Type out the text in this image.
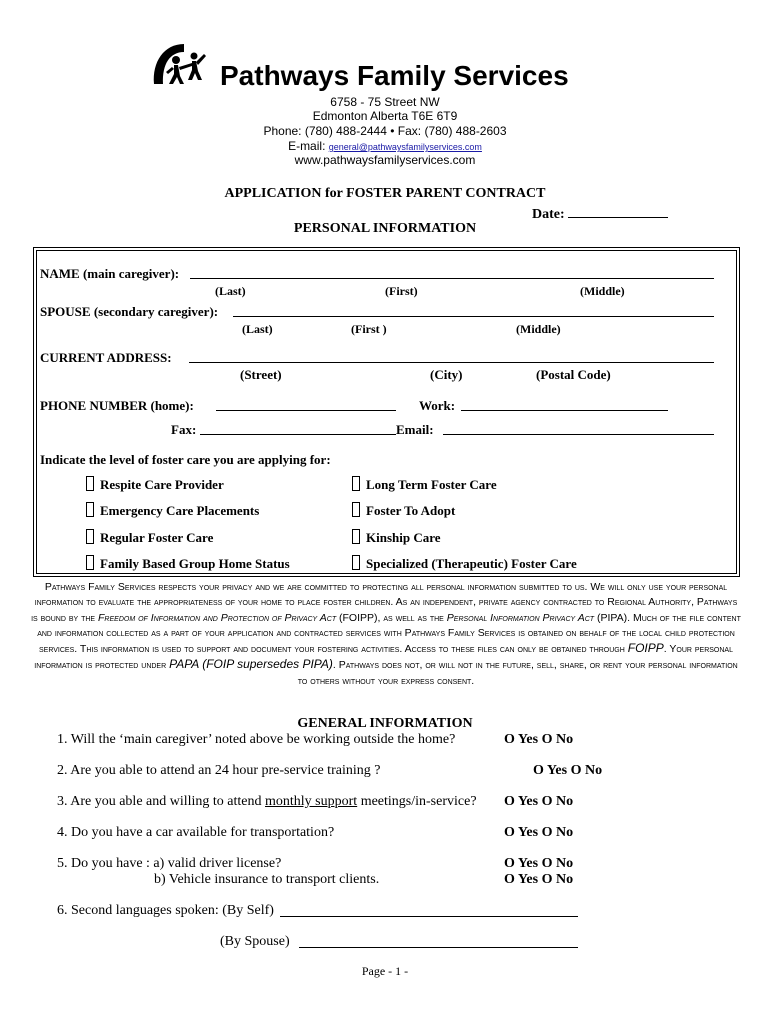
Pathways Family Services
6758 - 75 Street NW
Edmonton Alberta T6E 6T9
Phone: (780) 488-2444 • Fax: (780) 488-2603
E-mail: general@pathwaysfamilyservices.com
www.pathwaysfamilyservices.com
APPLICATION for FOSTER PARENT CONTRACT
Date:
PERSONAL INFORMATION
NAME (main caregiver):
(Last)	(First)	(Middle)
SPOUSE (secondary caregiver):
(Last)	(First )	(Middle)
CURRENT ADDRESS:
(Street)	(City)	(Postal Code)
PHONE NUMBER (home):	Work:
Fax:	Email:
Indicate the level of foster care you are applying for:
Respite Care Provider	Long Term Foster Care
Emergency Care Placements	Foster To Adopt
Regular Foster Care	Kinship Care
Family Based Group Home Status	Specialized (Therapeutic) Foster Care
Pathways Family Services respects your privacy and we are committed to protecting all personal information submitted to us. We will only use your personal information to evaluate the appropriateness of your home to place foster children. As an independent, private agency contracted to Regional Authority, Pathways is bound by the Freedom of Information and Protection of Privacy Act (FOIPP), as well as the Personal Information Privacy Act (PIPA). Much of the file content and information collected as a part of your application and contracted services with Pathways Family Services is obtained on behalf of the local child protection services. This information is used to support and document your fostering activities. Access to these files can only be obtained through FOIPP. Your personal information is protected under PAPA (FOIP supersedes PIPA). Pathways does not, or will not in the future, sell, share, or rent your personal information to others without your express consent.
GENERAL INFORMATION
1. Will the ‘main caregiver’ noted above be working outside the home?	O Yes O No
2. Are you able to attend an 24 hour pre-service training ?	O Yes O No
3. Are you able and willing to attend monthly support meetings/in-service? O Yes O No
4. Do you have a car available for transportation?	O Yes O No
5. Do you have : a) valid driver license?	O Yes O No
b) Vehicle insurance to transport clients.	O Yes O No
6. Second languages spoken: (By Self)
(By Spouse)
Page - 1 -
